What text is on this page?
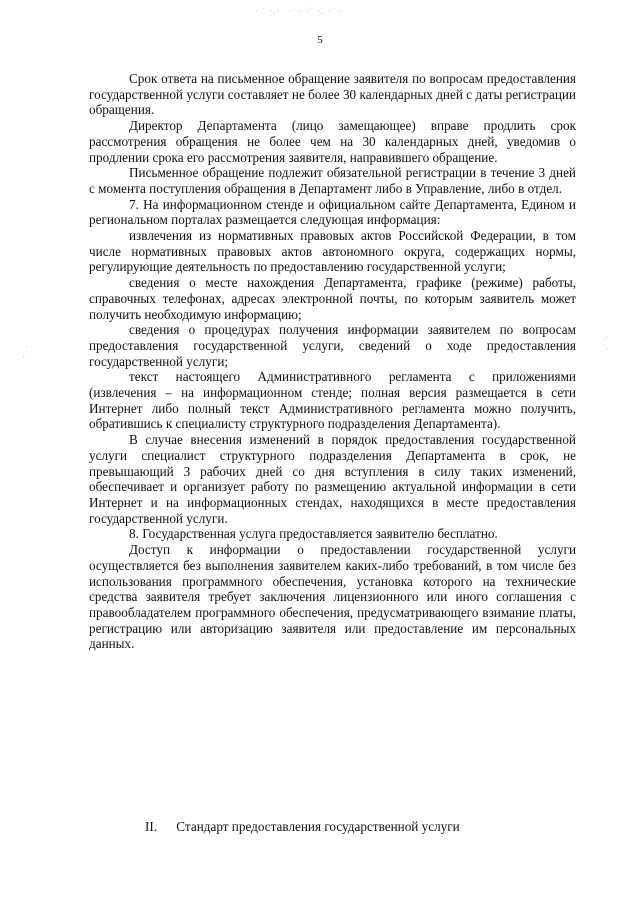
· ˙ ·.· ˙·ˑ · ·˙ ·. ·˙ ·
5
˙·
·˙
·˙
˙·

Срок ответа на письменное обращение заявителя по вопросам предоставления государственной услуги составляет не более 30 календарных дней с даты регистрации обращения.

Директор Департамента (лицо замещающее) вправе продлить срок рассмотрения обращения не более чем на 30 календарных дней, уведомив о продлении срока его рассмотрения заявителя, направившего обращение.

Письменное обращение подлежит обязательной регистрации в течение 3 дней с момента поступления обращения в Департамент либо в Управление, либо в отдел.

7. На информационном стенде и официальном сайте Департамента, Едином и региональном порталах размещается следующая информация:

извлечения из нормативных правовых актов Российской Федерации, в том числе нормативных правовых актов автономного округа, содержащих нормы, регулирующие деятельность по предоставлению государственной услуги;

сведения о месте нахождения Департамента, графике (режиме) работы, справочных телефонах, адресах электронной почты, по которым заявитель может получить необходимую информацию;

сведения о процедурах получения информации заявителем по вопросам предоставления государственной услуги, сведений о ходе предоставления государственной услуги;

текст настоящего Административного регламента с приложениями (извлечения – на информационном стенде; полная версия размещается в сети Интернет либо полный текст Административного регламента можно получить, обратившись к специалисту структурного подразделения Департамента).

В случае внесения изменений в порядок предоставления государственной услуги специалист структурного подразделения Департамента в срок, не превышающий 3 рабочих дней со дня вступления в силу таких изменений, обеспечивает и организует работу по размещению актуальной информации в сети Интернет и на информационных стендах, находящихся в месте предоставления государственной услуги.

8. Государственная услуга предоставляется заявителю бесплатно.

Доступ к информации о предоставлении государственной услуги осуществляется без выполнения заявителем каких-либо требований, в том числе без использования программного обеспечения, установка которого на технические средства заявителя требует заключения лицензионного или иного соглашения с правообладателем программного обеспечения, предусматривающего взимание платы, регистрацию или авторизацию заявителя или предоставление им персональных данных.

II. Стандарт предоставления государственной услуги
